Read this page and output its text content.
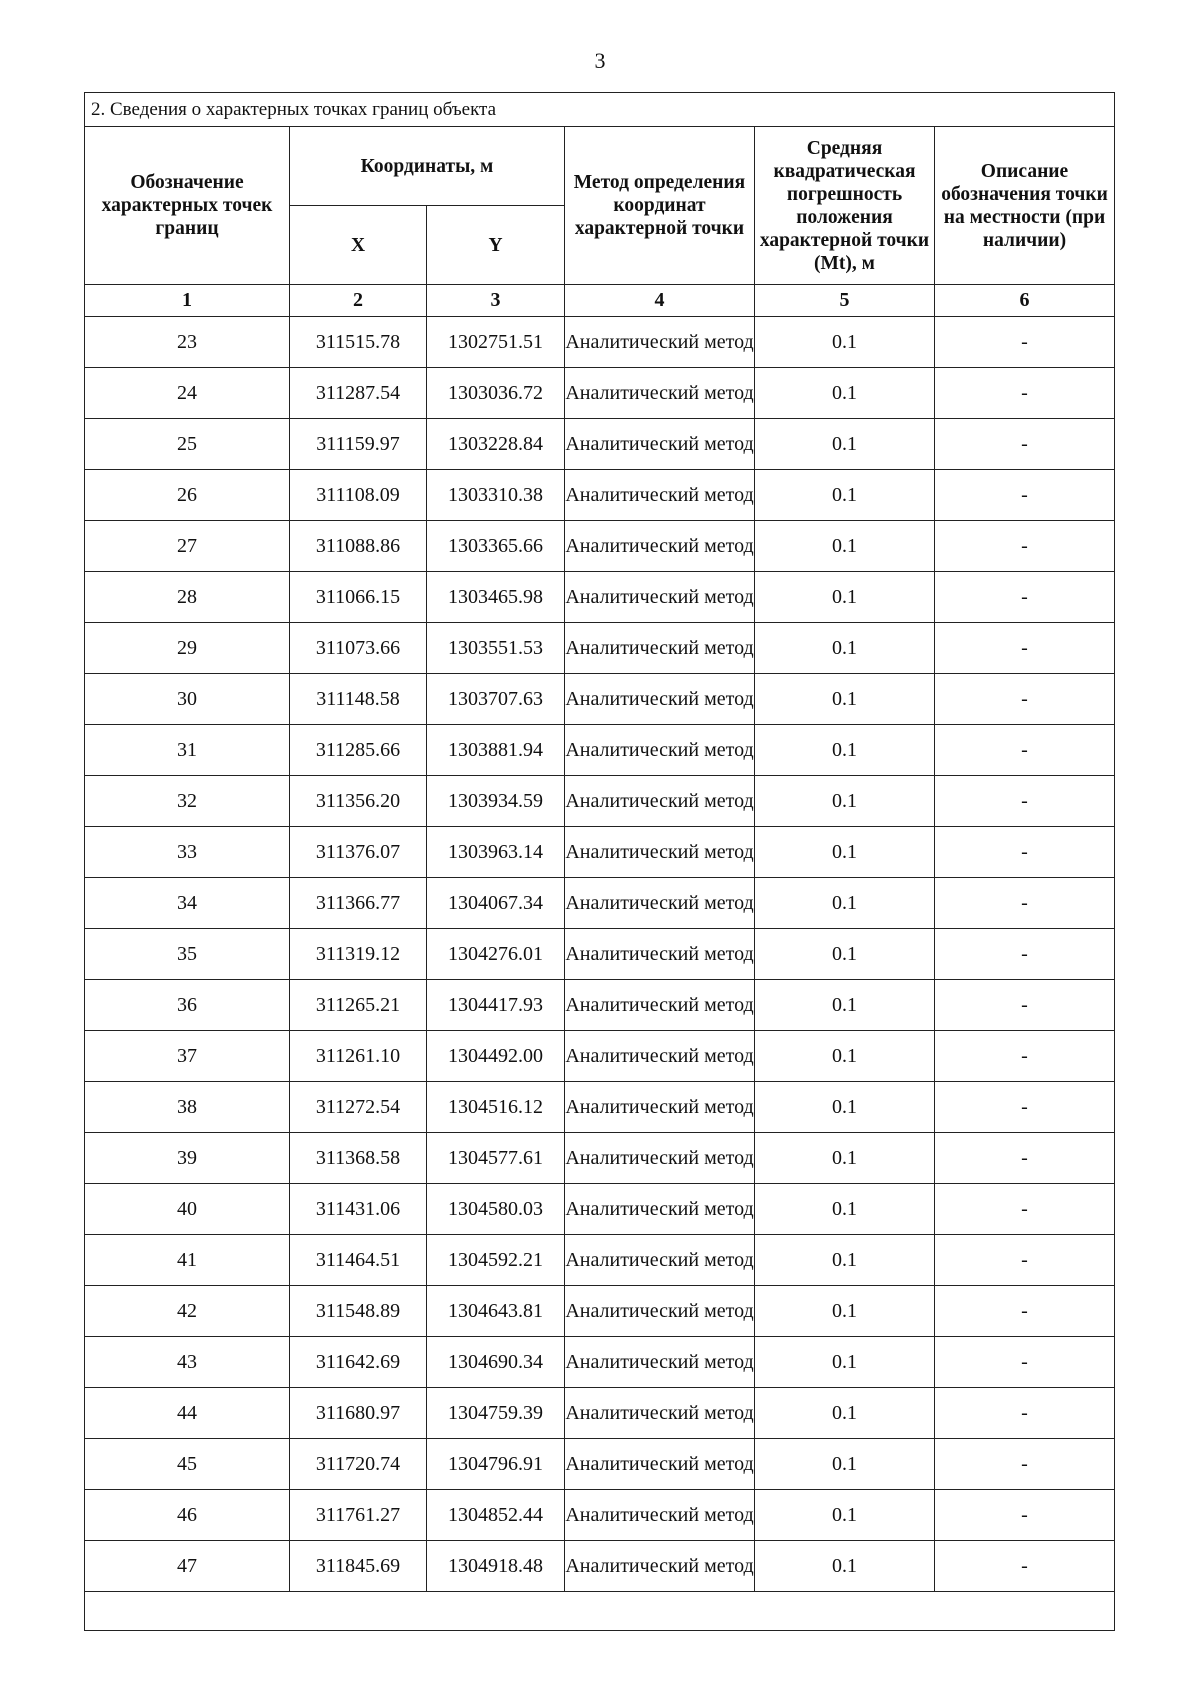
3
2. Сведения о характерных точках границ объекта					
Обозначение характерных точек границ	Координаты, м		Метод определения координат характерной точки	Средняя квадратическая погрешность положения характерной точки (Mt), м	Описание обозначения точки на местности (при наличии)
	X	Y			
1	2	3	4	5	6
23	311515.78	1302751.51	Аналитический метод	0.1	-
24	311287.54	1303036.72	Аналитический метод	0.1	-
25	311159.97	1303228.84	Аналитический метод	0.1	-
26	311108.09	1303310.38	Аналитический метод	0.1	-
27	311088.86	1303365.66	Аналитический метод	0.1	-
28	311066.15	1303465.98	Аналитический метод	0.1	-
29	311073.66	1303551.53	Аналитический метод	0.1	-
30	311148.58	1303707.63	Аналитический метод	0.1	-
31	311285.66	1303881.94	Аналитический метод	0.1	-
32	311356.20	1303934.59	Аналитический метод	0.1	-
33	311376.07	1303963.14	Аналитический метод	0.1	-
34	311366.77	1304067.34	Аналитический метод	0.1	-
35	311319.12	1304276.01	Аналитический метод	0.1	-
36	311265.21	1304417.93	Аналитический метод	0.1	-
37	311261.10	1304492.00	Аналитический метод	0.1	-
38	311272.54	1304516.12	Аналитический метод	0.1	-
39	311368.58	1304577.61	Аналитический метод	0.1	-
40	311431.06	1304580.03	Аналитический метод	0.1	-
41	311464.51	1304592.21	Аналитический метод	0.1	-
42	311548.89	1304643.81	Аналитический метод	0.1	-
43	311642.69	1304690.34	Аналитический метод	0.1	-
44	311680.97	1304759.39	Аналитический метод	0.1	-
45	311720.74	1304796.91	Аналитический метод	0.1	-
46	311761.27	1304852.44	Аналитический метод	0.1	-
47	311845.69	1304918.48	Аналитический метод	0.1	-
